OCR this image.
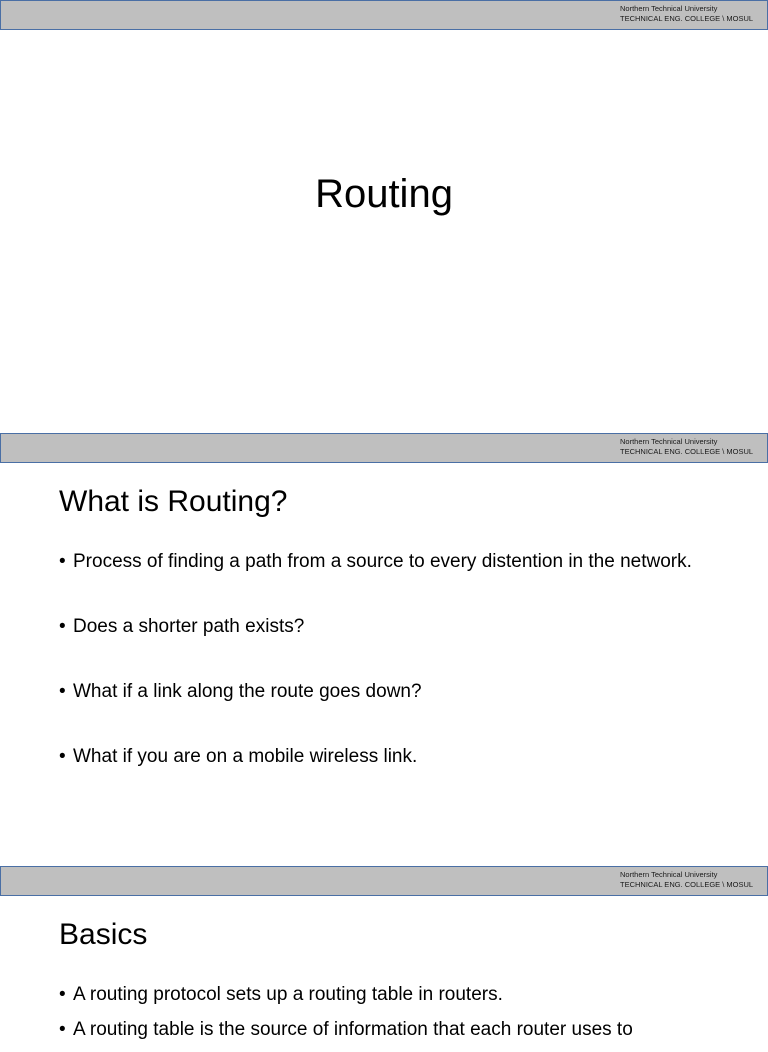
Northern Technical University
TECHNICAL ENG. COLLEGE \ MOSUL
Routing
Northern Technical University
TECHNICAL ENG. COLLEGE \ MOSUL
What is Routing?
• Process of finding a path from a source to every distention in the network.
• Does a shorter path exists?
• What if a link along the route goes down?
• What if you are on a mobile wireless link.
Northern Technical University
TECHNICAL ENG. COLLEGE \ MOSUL
Basics
• A routing protocol sets up a routing table in routers.
• A routing table is the source of information that each router uses to
